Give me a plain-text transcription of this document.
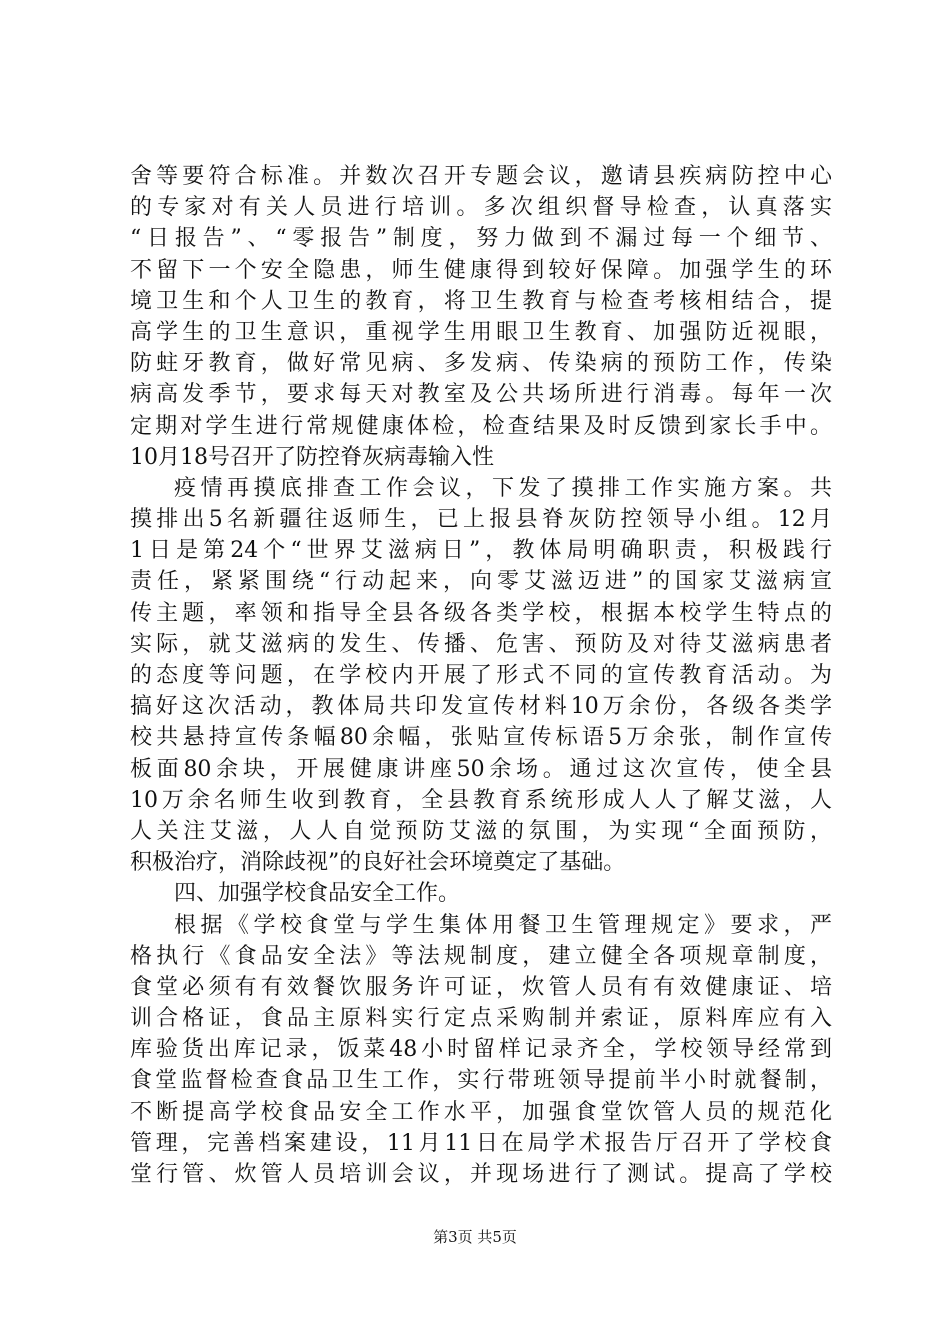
舍等要符合标准。并数次召开专题会议，邀请县疾病防控中心
的专家对有关人员进行培训。多次组织督导检查，认真落实
“日报告”、“零报告”制度，努力做到不漏过每一个细节、
不留下一个安全隐患，师生健康得到较好保障。加强学生的环
境卫生和个人卫生的教育，将卫生教育与检查考核相结合，提
高学生的卫生意识，重视学生用眼卫生教育、加强防近视眼，
防蛀牙教育，做好常见病、多发病、传染病的预防工作，传染
病高发季节，要求每天对教室及公共场所进行消毒。每年一次
定期对学生进行常规健康体检，检查结果及时反馈到家长手中。
10月18号召开了防控脊灰病毒输入性
疫情再摸底排查工作会议，下发了摸排工作实施方案。共
摸排出5名新疆往返师生，已上报县脊灰防控领导小组。12月
1日是第24个“世界艾滋病日”，教体局明确职责，积极践行
责任，紧紧围绕“行动起来，向零艾滋迈进”的国家艾滋病宣
传主题，率领和指导全县各级各类学校，根据本校学生特点的
实际，就艾滋病的发生、传播、危害、预防及对待艾滋病患者
的态度等问题，在学校内开展了形式不同的宣传教育活动。为
搞好这次活动，教体局共印发宣传材料10万余份，各级各类学
校共悬持宣传条幅80余幅，张贴宣传标语5万余张，制作宣传
板面80余块，开展健康讲座50余场。通过这次宣传，使全县
10万余名师生收到教育，全县教育系统形成人人了解艾滋，人
人关注艾滋，人人自觉预防艾滋的氛围，为实现“全面预防，
积极治疗，消除歧视”的良好社会环境奠定了基础。
四、加强学校食品安全工作。
根据《学校食堂与学生集体用餐卫生管理规定》要求，严
格执行《食品安全法》等法规制度，建立健全各项规章制度，
食堂必须有有效餐饮服务许可证，炊管人员有有效健康证、培
训合格证，食品主原料实行定点采购制并索证，原料库应有入
库验货出库记录，饭菜48小时留样记录齐全，学校领导经常到
食堂监督检查食品卫生工作，实行带班领导提前半小时就餐制，
不断提高学校食品安全工作水平，加强食堂饮管人员的规范化
管理，完善档案建设，11月11日在局学术报告厅召开了学校食
堂行管、炊管人员培训会议，并现场进行了测试。提高了学校
第3页 共5页
